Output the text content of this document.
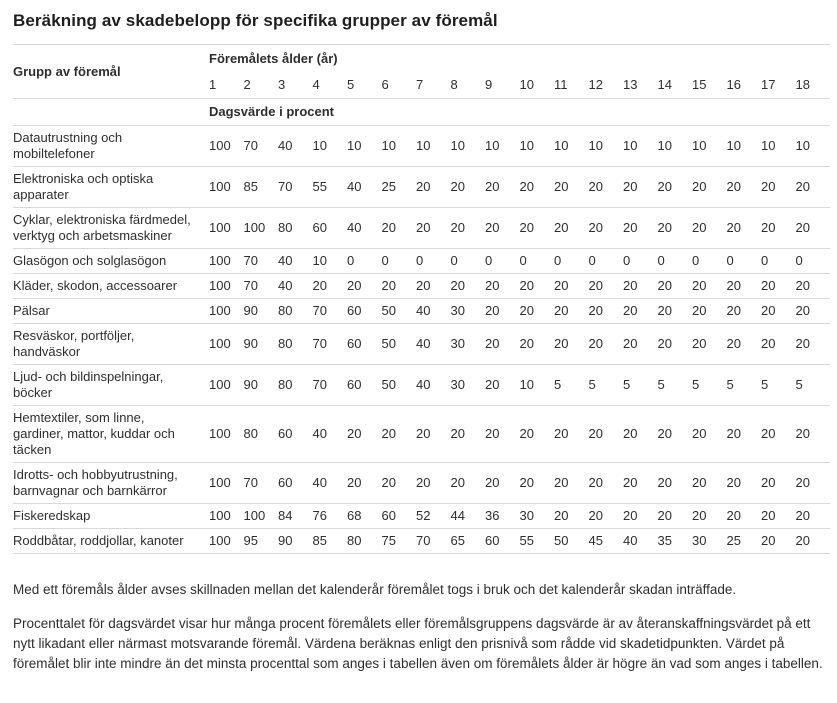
Beräkning av skadebelopp för specifika grupper av föremål
Grupp av föremål	Föremålets ålder (år)																	
	1	2	3	4	5	6	7	8	9	10	11	12	13	14	15	16	17	18
	Dagsvärde i procent																	
Datautrustning och mobiltelefoner	100	70	40	10	10	10	10	10	10	10	10	10	10	10	10	10	10	10
Elektroniska och optiska apparater	100	85	70	55	40	25	20	20	20	20	20	20	20	20	20	20	20	20
Cyklar, elektroniska färdmedel, verktyg och arbetsmaskiner	100	100	80	60	40	20	20	20	20	20	20	20	20	20	20	20	20	20
Glasögon och solglasögon	100	70	40	10	0	0	0	0	0	0	0	0	0	0	0	0	0	0
Kläder, skodon, accessoarer	100	70	40	20	20	20	20	20	20	20	20	20	20	20	20	20	20	20
Pälsar	100	90	80	70	60	50	40	30	20	20	20	20	20	20	20	20	20	20
Resväskor, portföljer, handväskor	100	90	80	70	60	50	40	30	20	20	20	20	20	20	20	20	20	20
Ljud- och bildinspelningar, böcker	100	90	80	70	60	50	40	30	20	10	5	5	5	5	5	5	5	5
Hemtextiler, som linne, gardiner, mattor, kuddar och täcken	100	80	60	40	20	20	20	20	20	20	20	20	20	20	20	20	20	20
Idrotts- och hobbyutrustning, barnvagnar och barnkärror	100	70	60	40	20	20	20	20	20	20	20	20	20	20	20	20	20	20
Fiskeredskap	100	100	84	76	68	60	52	44	36	30	20	20	20	20	20	20	20	20
Roddbåtar, roddjollar, kanoter	100	95	90	85	80	75	70	65	60	55	50	45	40	35	30	25	20	20

Med ett föremåls ålder avses skillnaden mellan det kalenderår föremålet togs i bruk och det kalenderår skadan inträffade.

Procenttalet för dagsvärdet visar hur många procent föremålets eller föremålsgruppens dagsvärde är av återanskaffningsvärdet på ett nytt likadant eller närmast motsvarande föremål. Värdena beräknas enligt den prisnivå som rådde vid skadetidpunkten. Värdet på föremålet blir inte mindre än det minsta procenttal som anges i tabellen även om föremålets ålder är högre än vad som anges i tabellen.
